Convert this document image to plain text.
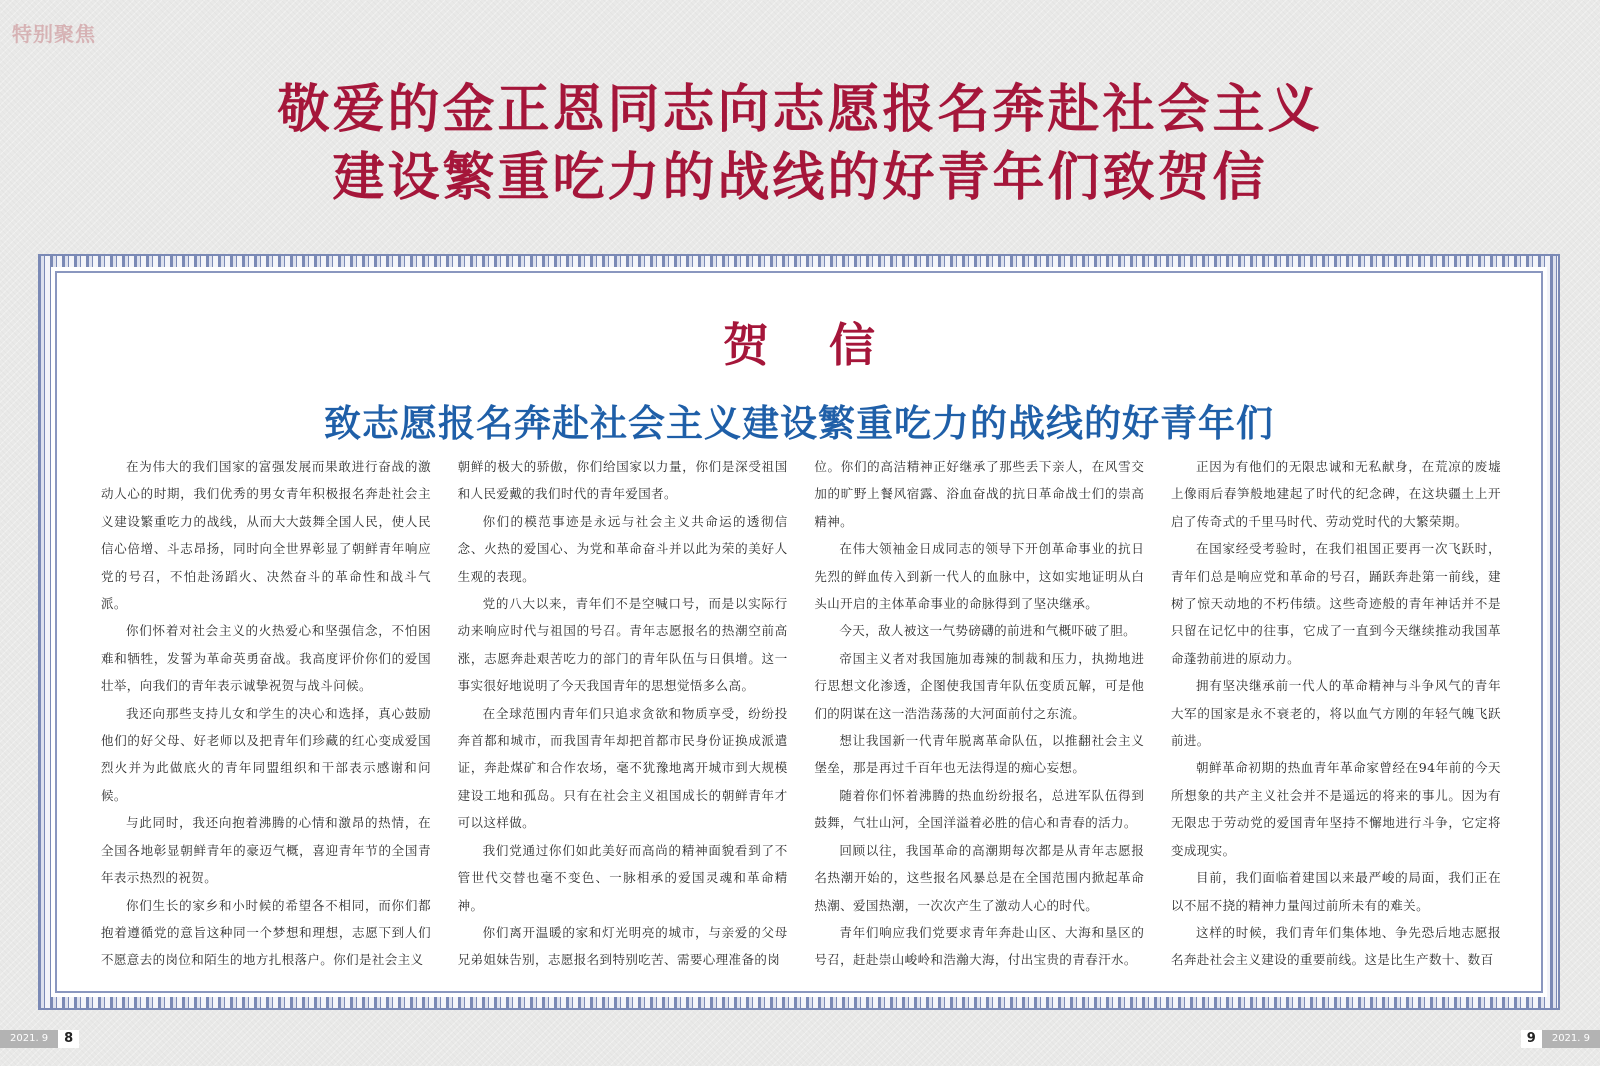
特别聚焦
敬爱的金正恩同志向志愿报名奔赴社会主义
建设繁重吃力的战线的好青年们致贺信
贺信
致志愿报名奔赴社会主义建设繁重吃力的战线的好青年们

在为伟大的我们国家的富强发展而果敢进行奋战的激动人心的时期，我们优秀的男女青年积极报名奔赴社会主义建设繁重吃力的战线，从而大大鼓舞全国人民，使人民信心倍增、斗志昂扬，同时向全世界彰显了朝鲜青年响应党的号召，不怕赴汤蹈火、决然奋斗的革命性和战斗气派。

你们怀着对社会主义的火热爱心和坚强信念，不怕困难和牺牲，发誓为革命英勇奋战。我高度评价你们的爱国壮举，向我们的青年表示诚挚祝贺与战斗问候。

我还向那些支持儿女和学生的决心和选择，真心鼓励他们的好父母、好老师以及把青年们珍藏的红心变成爱国烈火并为此做底火的青年同盟组织和干部表示感谢和问候。

与此同时，我还向抱着沸腾的心情和激昂的热情，在全国各地彰显朝鲜青年的豪迈气概，喜迎青年节的全国青年表示热烈的祝贺。

你们生长的家乡和小时候的希望各不相同，而你们都抱着遵循党的意旨这种同一个梦想和理想，志愿下到人们不愿意去的岗位和陌生的地方扎根落户。你们是社会主义

朝鲜的极大的骄傲，你们给国家以力量，你们是深受祖国和人民爱戴的我们时代的青年爱国者。

你们的模范事迹是永远与社会主义共命运的透彻信念、火热的爱国心、为党和革命奋斗并以此为荣的美好人生观的表现。

党的八大以来，青年们不是空喊口号，而是以实际行动来响应时代与祖国的号召。青年志愿报名的热潮空前高涨，志愿奔赴艰苦吃力的部门的青年队伍与日俱增。这一事实很好地说明了今天我国青年的思想觉悟多么高。

在全球范围内青年们只追求贪欲和物质享受，纷纷投奔首都和城市，而我国青年却把首都市民身份证换成派遣证，奔赴煤矿和合作农场，毫不犹豫地离开城市到大规模建设工地和孤岛。只有在社会主义祖国成长的朝鲜青年才可以这样做。

我们党通过你们如此美好而高尚的精神面貌看到了不管世代交替也毫不变色、一脉相承的爱国灵魂和革命精神。

你们离开温暖的家和灯光明亮的城市，与亲爱的父母兄弟姐妹告别，志愿报名到特别吃苦、需要心理准备的岗

位。你们的高洁精神正好继承了那些丢下亲人，在风雪交加的旷野上餐风宿露、浴血奋战的抗日革命战士们的崇高精神。

在伟大领袖金日成同志的领导下开创革命事业的抗日先烈的鲜血传入到新一代人的血脉中，这如实地证明从白头山开启的主体革命事业的命脉得到了坚决继承。

今天，敌人被这一气势磅礴的前进和气概吓破了胆。

帝国主义者对我国施加毒辣的制裁和压力，执拗地进行思想文化渗透，企图使我国青年队伍变质瓦解，可是他们的阴谋在这一浩浩荡荡的大河面前付之东流。

想让我国新一代青年脱离革命队伍，以推翻社会主义堡垒，那是再过千百年也无法得逞的痴心妄想。

随着你们怀着沸腾的热血纷纷报名，总进军队伍得到鼓舞，气壮山河，全国洋溢着必胜的信心和青春的活力。

回顾以往，我国革命的高潮期每次都是从青年志愿报名热潮开始的，这些报名风暴总是在全国范围内掀起革命热潮、爱国热潮，一次次产生了激动人心的时代。

青年们响应我们党要求青年奔赴山区、大海和垦区的号召，赶赴崇山峻岭和浩瀚大海，付出宝贵的青春汗水。

正因为有他们的无限忠诚和无私献身，在荒凉的废墟上像雨后春笋般地建起了时代的纪念碑，在这块疆土上开启了传奇式的千里马时代、劳动党时代的大繁荣期。

在国家经受考验时，在我们祖国正要再一次飞跃时，青年们总是响应党和革命的号召，踊跃奔赴第一前线，建树了惊天动地的不朽伟绩。这些奇迹般的青年神话并不是只留在记忆中的往事，它成了一直到今天继续推动我国革命蓬勃前进的原动力。

拥有坚决继承前一代人的革命精神与斗争风气的青年大军的国家是永不衰老的，将以血气方刚的年轻气魄飞跃前进。

朝鲜革命初期的热血青年革命家曾经在94年前的今天所想象的共产主义社会并不是遥远的将来的事儿。因为有无限忠于劳动党的爱国青年坚持不懈地进行斗争，它定将变成现实。

目前，我们面临着建国以来最严峻的局面，我们正在以不屈不挠的精神力量闯过前所未有的难关。

这样的时候，我们青年们集体地、争先恐后地志愿报名奔赴社会主义建设的重要前线。这是比生产数十、数百

2021. 9	8	9	2021. 9
